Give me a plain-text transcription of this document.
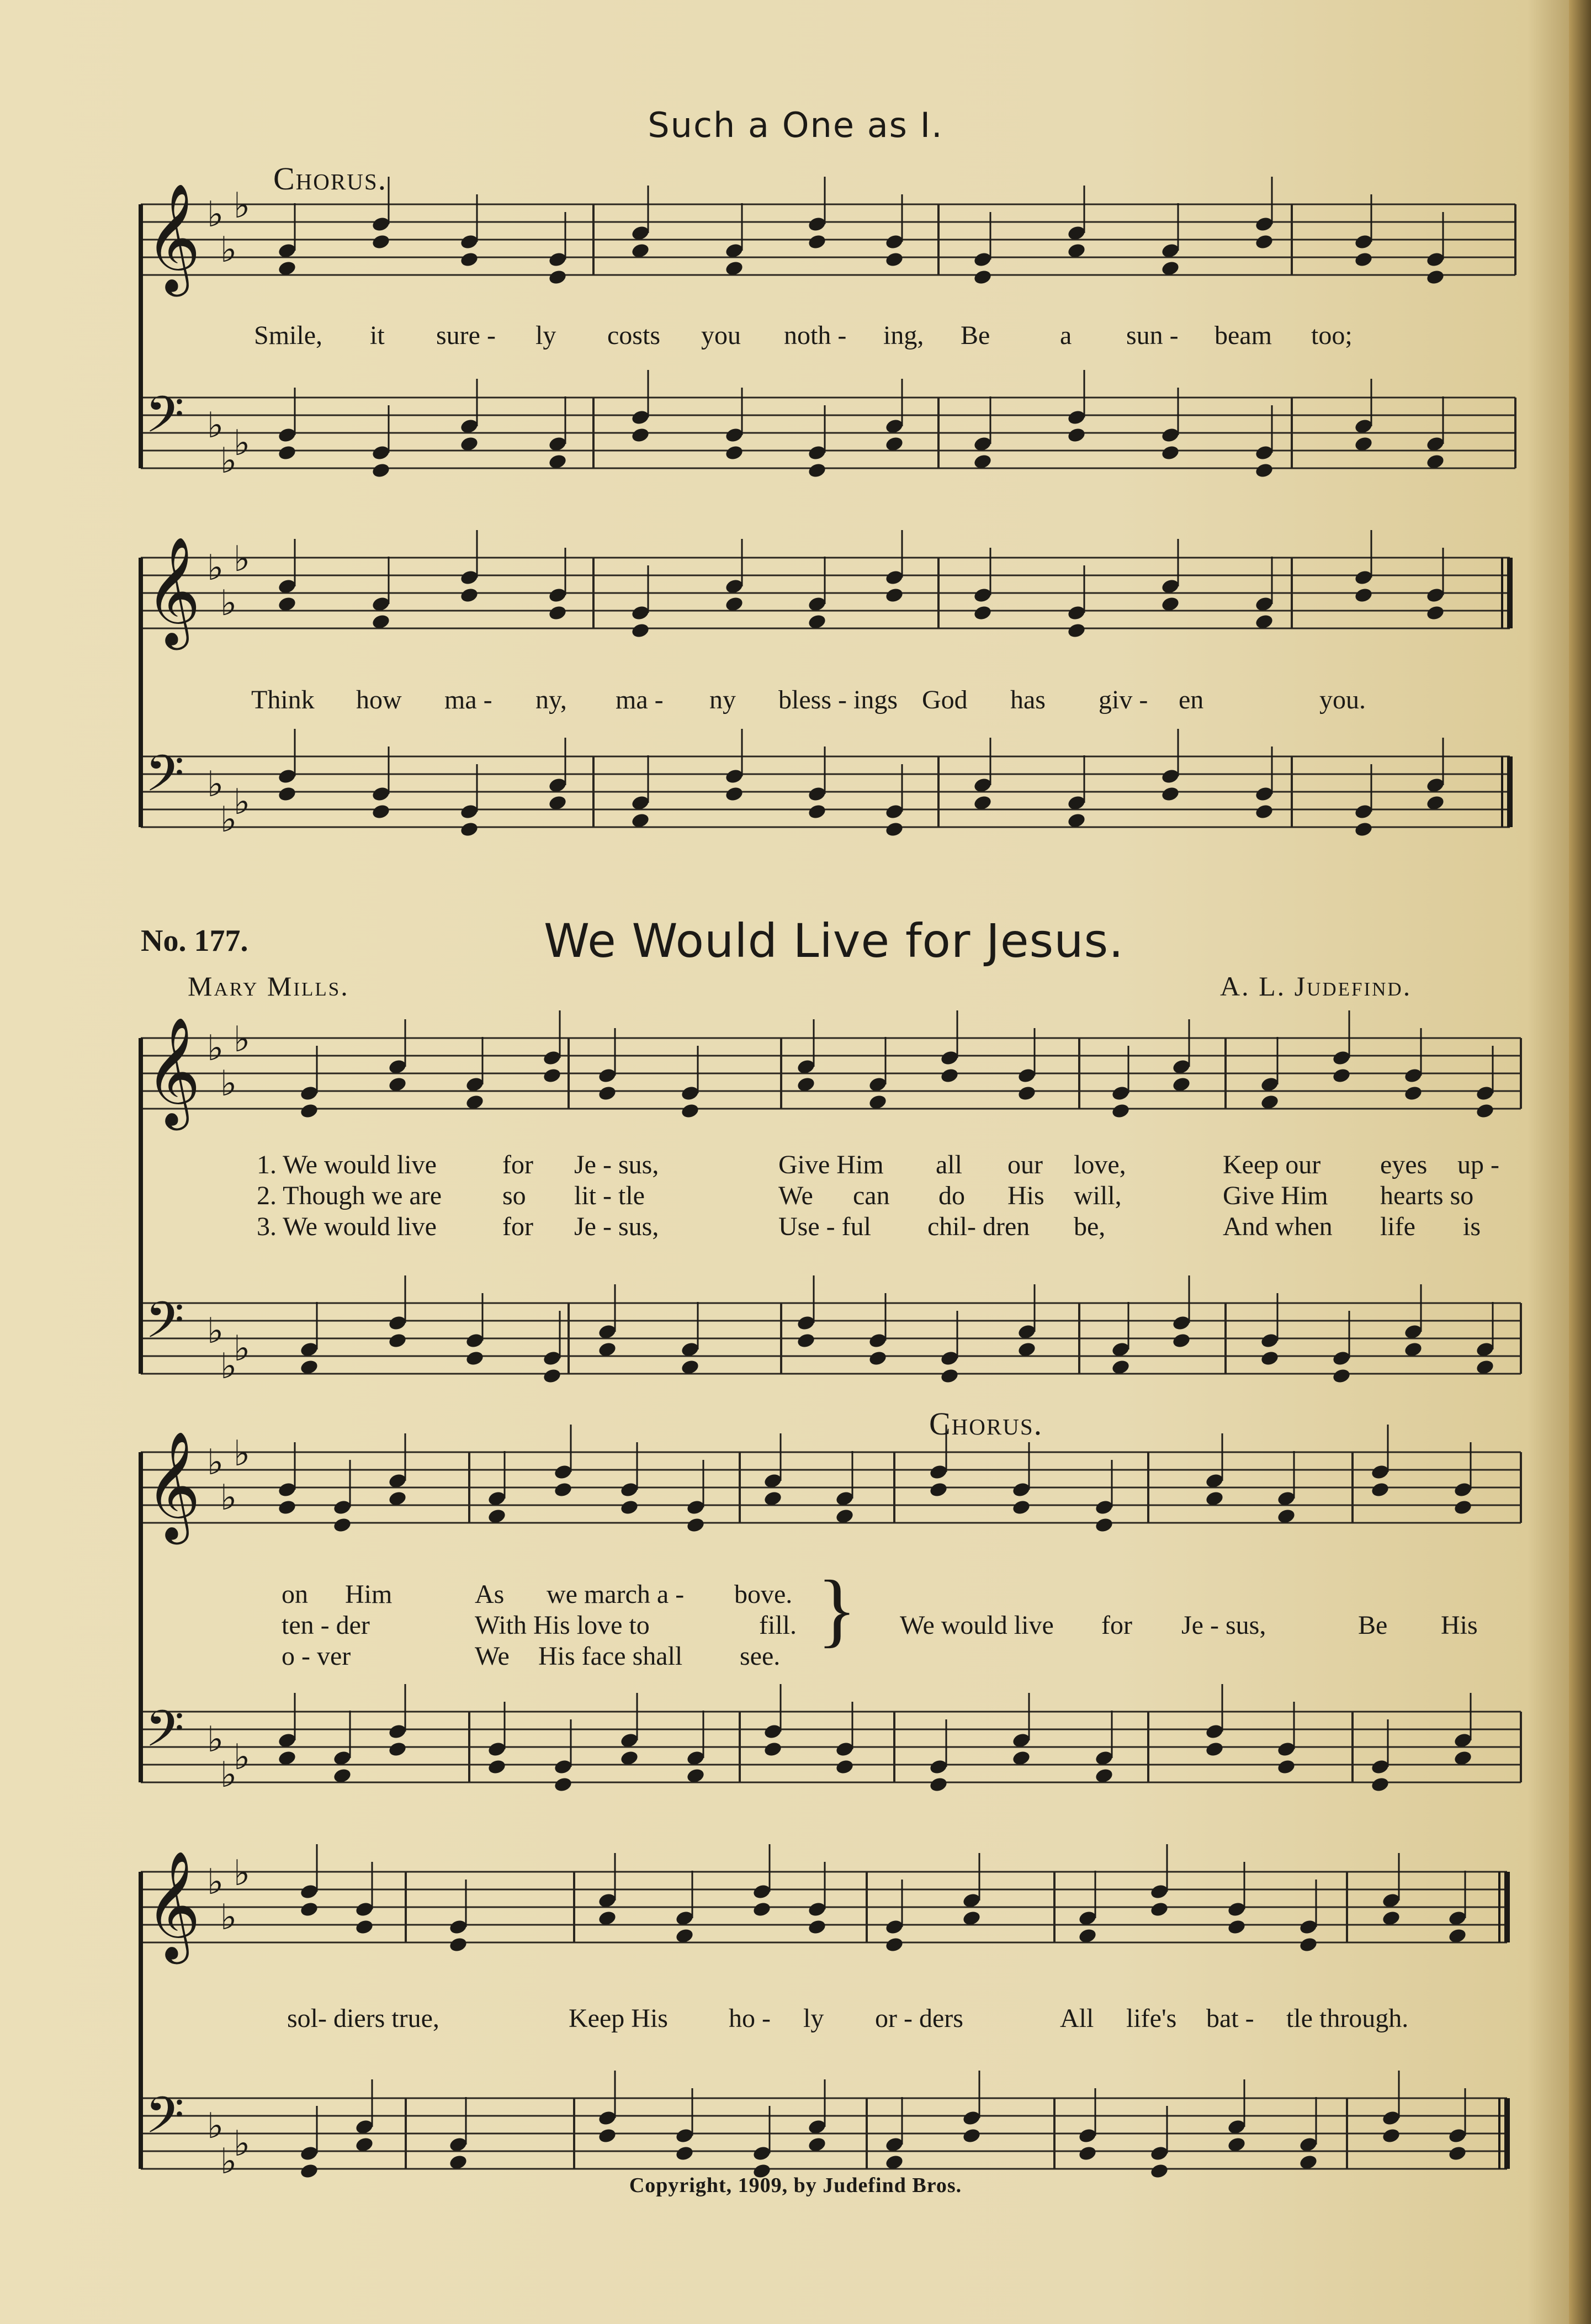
Such a One as I.
Chorus.
𝄞 ♭
♭
♭
𝄢 ♭
♭
♭
Smile, it sure - ly costs you noth - ing, Be	a sun - beam too;
𝄞 ♭
♭
♭
𝄢 ♭
♭
♭
Think how ma - ny, ma - ny bless - ings God has giv - en	you.
No. 177.	We Would Live for Jesus.
Mary Mills.	A. L. Judefind.
𝄞 ♭
♭
♭
𝄢 ♭
♭
♭
1. We would live for Je - sus,	Give Him all our love,	Keep our eyes up -
2. Though we are so lit - tle	We can do His will,	Give Him hearts so
3. We would live for Je - sus,	Use - ful chil- dren be,	And when life is
Chorus.
𝄞 ♭
♭
♭
𝄢 ♭
♭
♭
on Him	As we march a - bove.
ten - der	With His love to	fill.
o - ver	We His face shall see.
} We would live for Je - sus,	Be His
𝄞 ♭
♭
♭
𝄢 ♭
♭
♭
sol- diers true,	Keep His ho - ly or - ders	All life's bat - tle through.
Copyright, 1909, by Judefind Bros.
